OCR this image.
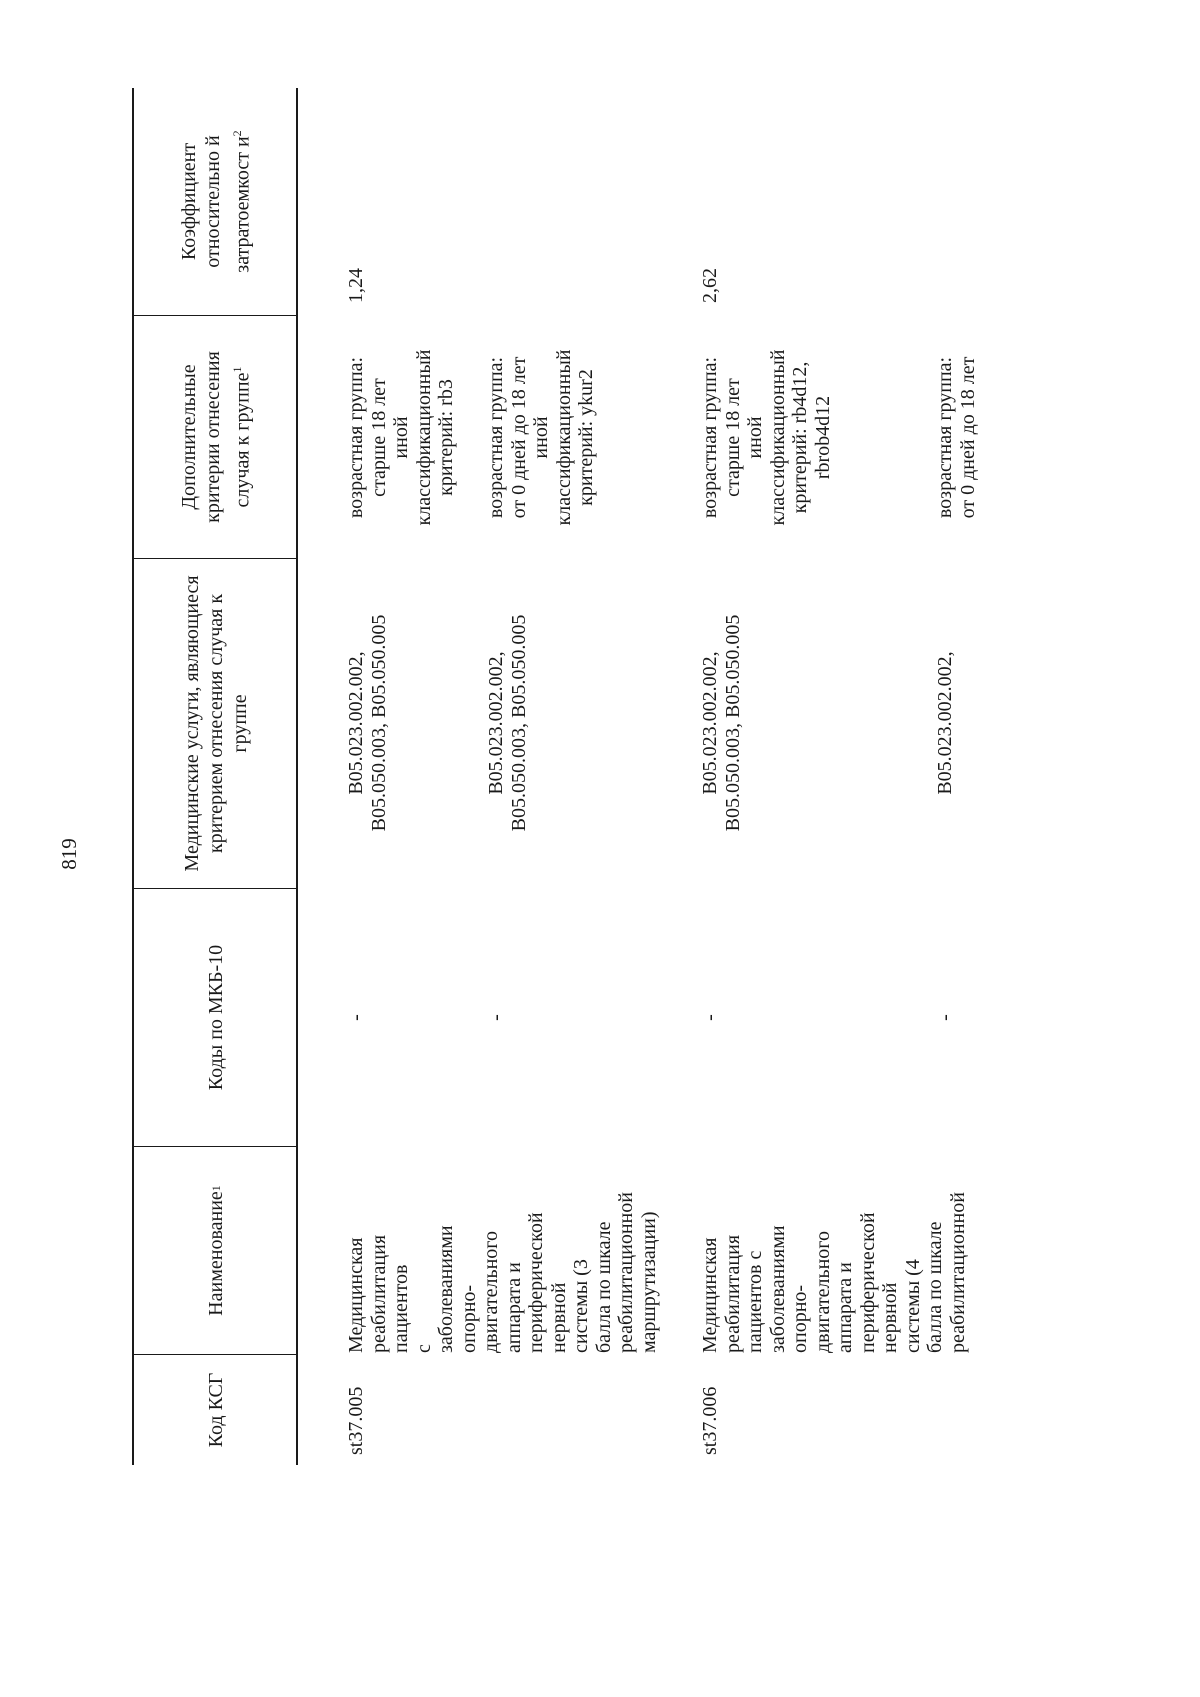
819
Код КСГ
Наименование
1
Коды по МКБ-10
Медицинские услуги, являющиеся критерием отнесения случая к группе
Дополнительные критерии отнесения случая к группе$^1$
Коэффициент относительно й затратоемкост $и^2$
st37.005
Медицинская
реабилитация
пациентов
с заболеваниями
опорно-двигательного
аппарата и
периферической
нервной системы (3
балла по шкале
реабилитационной
маршрутизации)
-
В05.023.002.002,
В05.050.003, В05.050.005
возрастная группа:
старше 18 лет
иной
классификационный
критерий: rb3
1,24
-
В05.023.002.002,
В05.050.003, В05.050.005
возрастная группа:
от 0 дней до 18 лет
иной
классификационный
критерий: ykur2
st37.006
Медицинская
реабилитация
пациентов с
заболеваниями
опорно-двигательного
аппарата и
периферической
нервной системы (4
балла по шкале
реабилитационной
-
В05.023.002.002,
В05.050.003, В05.050.005
возрастная группа:
старше 18 лет
иной
классификационный
критерий: rb4d12,
rbrob4d12
2,62
-
В05.023.002.002,
возрастная группа:
от 0 дней до 18 лет
